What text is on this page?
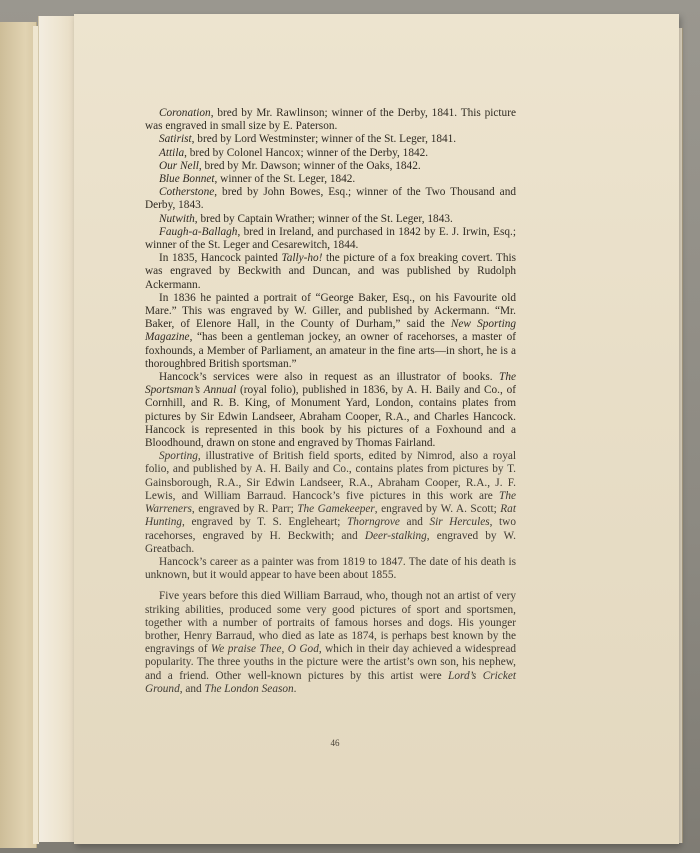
Coronation, bred by Mr. Rawlinson; winner of the Derby, 1841. This picture was engraved in small size by E. Paterson.

Satirist, bred by Lord Westminster; winner of the St. Leger, 1841.

Attila, bred by Colonel Hancox; winner of the Derby, 1842.

Our Nell, bred by Mr. Dawson; winner of the Oaks, 1842.

Blue Bonnet, winner of the St. Leger, 1842.

Cotherstone, bred by John Bowes, Esq.; winner of the Two Thousand and Derby, 1843.

Nutwith, bred by Captain Wrather; winner of the St. Leger, 1843.

Faugh-a-Ballagh, bred in Ireland, and purchased in 1842 by E. J. Irwin, Esq.; winner of the St. Leger and Cesarewitch, 1844.

In 1835, Hancock painted Tally-ho! the picture of a fox breaking covert. This was engraved by Beckwith and Duncan, and was published by Rudolph Ackermann.

In 1836 he painted a portrait of “George Baker, Esq., on his Favourite old Mare.” This was engraved by W. Giller, and published by Ackermann. “Mr. Baker, of Elenore Hall, in the County of Durham,” said the New Sporting Magazine, “has been a gentleman jockey, an owner of racehorses, a master of foxhounds, a Member of Parliament, an amateur in the fine arts—in short, he is a thoroughbred British sportsman.”

Hancock’s services were also in request as an illustrator of books. The Sportsman’s Annual (royal folio), published in 1836, by A. H. Baily and Co., of Cornhill, and R. B. King, of Monument Yard, London, contains plates from pictures by Sir Edwin Landseer, Abraham Cooper, R.A., and Charles Hancock. Hancock is represented in this book by his pictures of a Foxhound and a Bloodhound, drawn on stone and engraved by Thomas Fairland.

Sporting, illustrative of British field sports, edited by Nimrod, also a royal folio, and published by A. H. Baily and Co., contains plates from pictures by T. Gainsborough, R.A., Sir Edwin Landseer, R.A., Abraham Cooper, R.A., J. F. Lewis, and William Barraud. Hancock’s five pictures in this work are The Warreners, engraved by R. Parr; The Gamekeeper, engraved by W. A. Scott; Rat Hunting, engraved by T. S. Engleheart; Thorngrove and Sir Hercules, two racehorses, engraved by H. Beckwith; and Deer-stalking, engraved by W. Greatbach.

Hancock’s career as a painter was from 1819 to 1847. The date of his death is unknown, but it would appear to have been about 1855.

Five years before this died William Barraud, who, though not an artist of very striking abilities, produced some very good pictures of sport and sportsmen, together with a number of portraits of famous horses and dogs. His younger brother, Henry Barraud, who died as late as 1874, is perhaps best known by the engravings of We praise Thee, O God, which in their day achieved a widespread popularity. The three youths in the picture were the artist’s own son, his nephew, and a friend. Other well-known pictures by this artist were Lord’s Cricket Ground, and The London Season.

46
